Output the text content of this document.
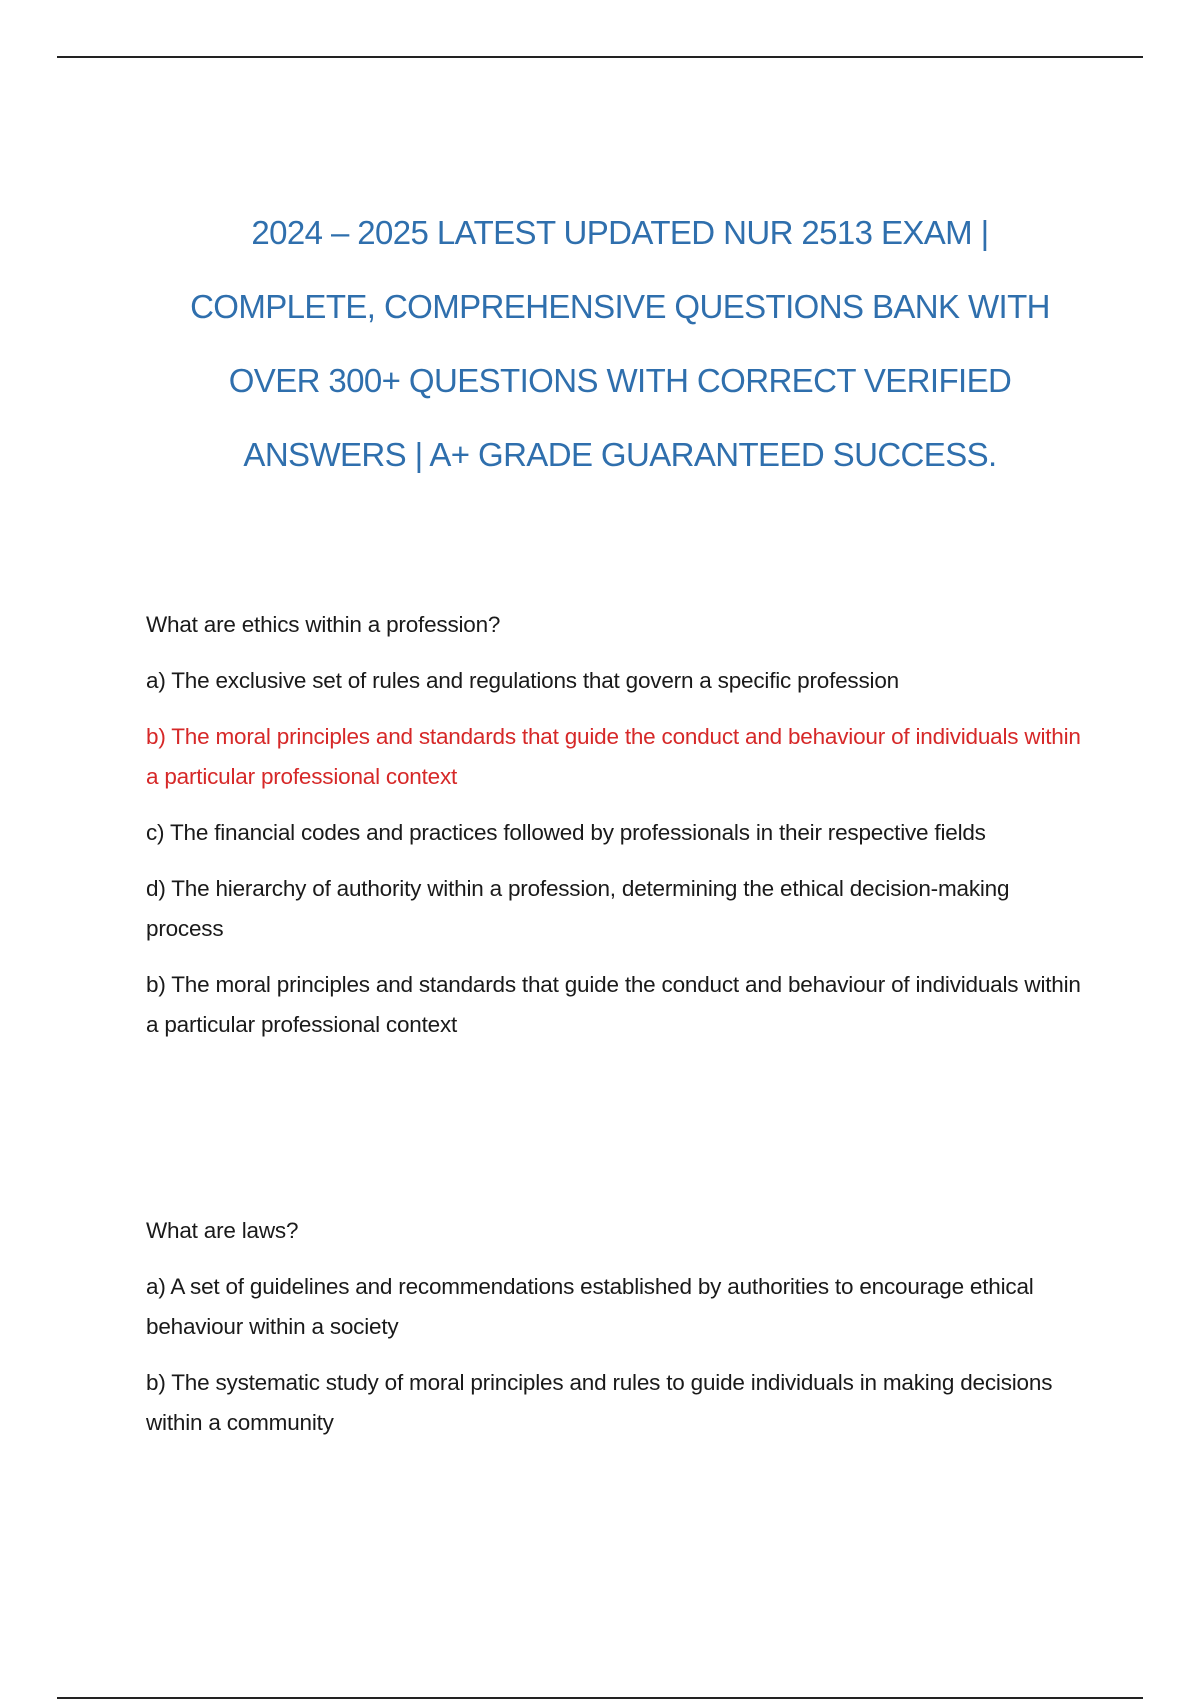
2024 – 2025 LATEST UPDATED NUR 2513 EXAM |
COMPLETE, COMPREHENSIVE QUESTIONS BANK WITH
OVER 300+ QUESTIONS WITH CORRECT VERIFIED
ANSWERS | A+ GRADE GUARANTEED SUCCESS.

What are ethics within a profession?

a) The exclusive set of rules and regulations that govern a specific profession

b) The moral principles and standards that guide the conduct and behaviour of individuals within a particular professional context

c) The financial codes and practices followed by professionals in their respective fields

d) The hierarchy of authority within a profession, determining the ethical decision-making process

b) The moral principles and standards that guide the conduct and behaviour of individuals within a particular professional context

What are laws?

a) A set of guidelines and recommendations established by authorities to encourage ethical behaviour within a society

b) The systematic study of moral principles and rules to guide individuals in making decisions within a community
